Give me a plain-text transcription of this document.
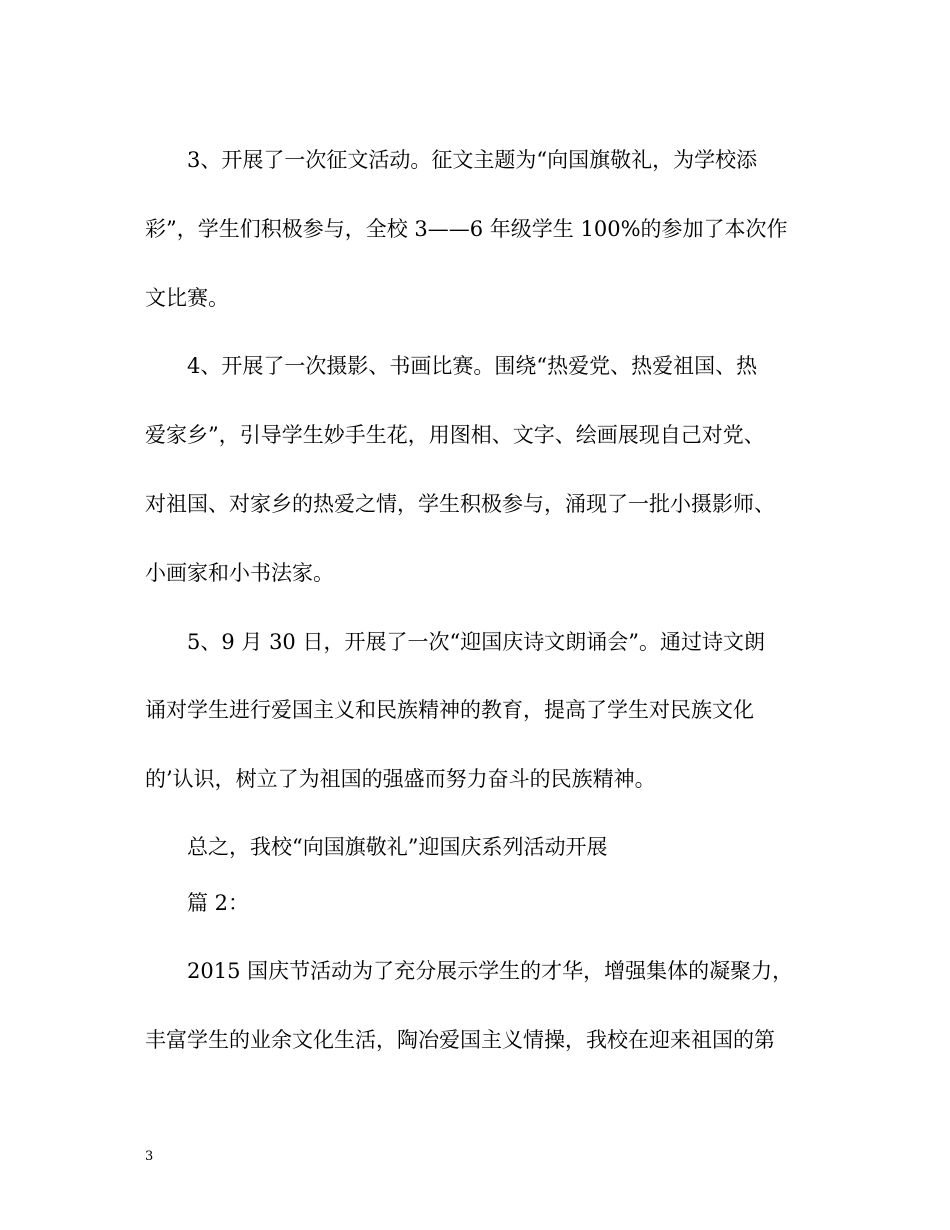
3、开展了一次征文活动。征文主题为“向国旗敬礼，为学校添
彩”，学生们积极参与，全校 3——6 年级学生 100%的参加了本次作
文比赛。
4、开展了一次摄影、书画比赛。围绕“热爱党、热爱祖国、热
爱家乡”，引导学生妙手生花，用图相、文字、绘画展现自己对党、
对祖国、对家乡的热爱之情，学生积极参与，涌现了一批小摄影师、
小画家和小书法家。
5、9 月 30 日，开展了一次“迎国庆诗文朗诵会”。通过诗文朗
诵对学生进行爱国主义和民族精神的教育，提高了学生对民族文化
的’认识，树立了为祖国的强盛而努力奋斗的民族精神。
总之，我校“向国旗敬礼”迎国庆系列活动开展
篇 2：
2015 国庆节活动为了充分展示学生的才华，增强集体的凝聚力，
丰富学生的业余文化生活，陶冶爱国主义情操，我校在迎来祖国的第
3
